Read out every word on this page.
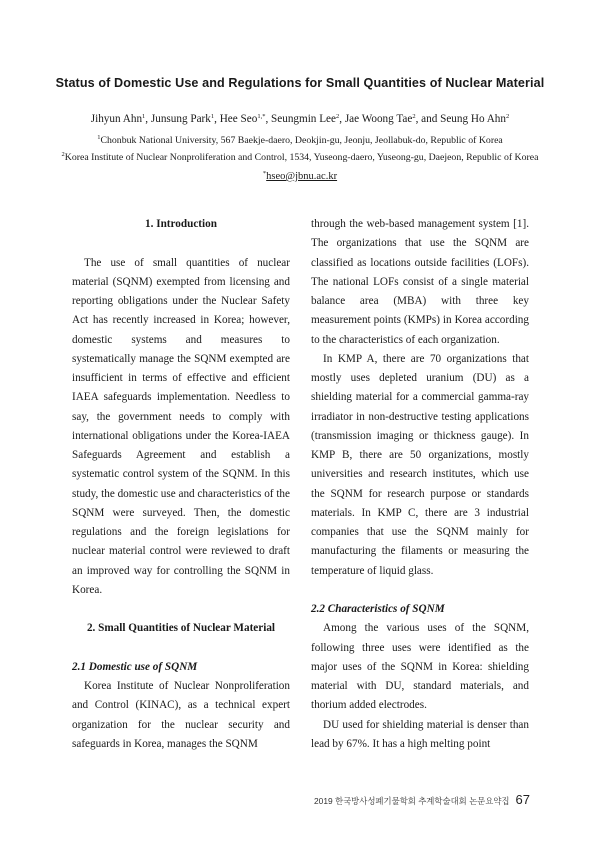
Status of Domestic Use and Regulations for Small Quantities of Nuclear Material
Jihyun Ahn$^1$, Junsung Park$^1$, Hee Seo$^{1,*}$, Seungmin Lee$^2$, Jae Woong Tae$^2$, and Seung Ho Ahn$^2$
$^1$Chonbuk National University, 567 Baekje-daero, Deokjin-gu, Jeonju, Jeollabuk-do, Republic of Korea
$^2$Korea Institute of Nuclear Nonproliferation and Control, 1534, Yuseong-daero, Yuseong-gu, Daejeon, Republic of Korea
*hseo@jbnu.ac.kr

1. Introduction

The use of small quantities of nuclear material (SQNM) exempted from licensing and reporting obligations under the Nuclear Safety Act has recently increased in Korea; however, domestic systems and measures to systematically manage the SQNM exempted are insufficient in terms of effective and efficient IAEA safeguards implementation. Needless to say, the government needs to comply with international obligations under the Korea-IAEA Safeguards Agreement and establish a systematic control system of the SQNM. In this study, the domestic use and characteristics of the SQNM were surveyed. Then, the domestic regulations and the foreign legislations for nuclear material control were reviewed to draft an improved way for controlling the SQNM in Korea.

2. Small Quantities of Nuclear Material

2.1 Domestic use of SQNM

Korea Institute of Nuclear Nonproliferation and Control (KINAC), as a technical expert organization for the nuclear security and safeguards in Korea, manages the SQNM

through the web-based management system [1]. The organizations that use the SQNM are classified as locations outside facilities (LOFs). The national LOFs consist of a single material balance area (MBA) with three key measurement points (KMPs) in Korea according to the characteristics of each organization.

In KMP A, there are 70 organizations that mostly uses depleted uranium (DU) as a shielding material for a commercial gamma-ray irradiator in non-destructive testing applications (transmission imaging or thickness gauge). In KMP B, there are 50 organizations, mostly universities and research institutes, which use the SQNM for research purpose or standards materials. In KMP C, there are 3 industrial companies that use the SQNM mainly for manufacturing the filaments or measuring the temperature of liquid glass.

2.2 Characteristics of SQNM

Among the various uses of the SQNM, following three uses were identified as the major uses of the SQNM in Korea: shielding material with DU, standard materials, and thorium added electrodes.

DU used for shielding material is denser than lead by 67%. It has a high melting point

2019 한국방사성폐기물학회 추계학술대회 논문요약집 67
